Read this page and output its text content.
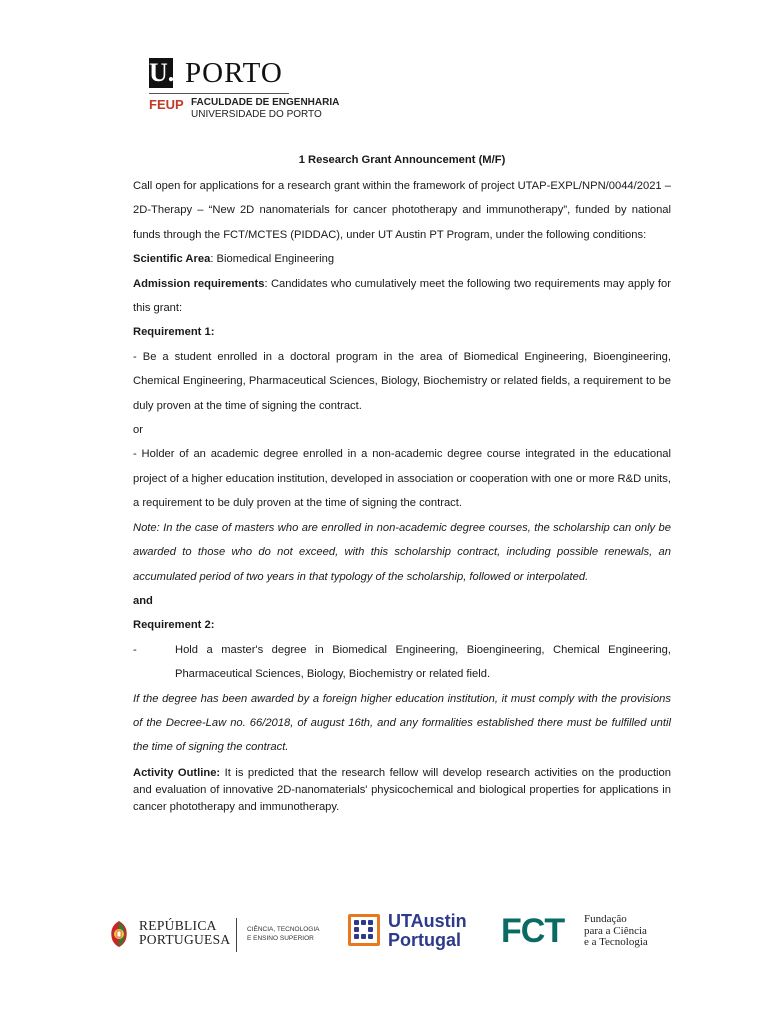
U. PORTO
FEUP FACULDADE DE ENGENHARIA
UNIVERSIDADE DO PORTO

1 Research Grant Announcement (M/F)

Call open for applications for a research grant within the framework of project UTAP-EXPL/NPN/0044/2021 –2D-Therapy – “New 2D nanomaterials for cancer phototherapy and immunotherapy”, funded by national funds through the FCT/MCTES (PIDDAC), under UT Austin PT Program, under the following conditions:

Scientific Area: Biomedical Engineering

Admission requirements: Candidates who cumulatively meet the following two requirements may apply for this grant:

Requirement 1:

- Be a student enrolled in a doctoral program in the area of Biomedical Engineering, Bioengineering, Chemical Engineering, Pharmaceutical Sciences, Biology, Biochemistry or related fields, a requirement to be duly proven at the time of signing the contract.

or

- Holder of an academic degree enrolled in a non-academic degree course integrated in the educational project of a higher education institution, developed in association or cooperation with one or more R&D units, a requirement to be duly proven at the time of signing the contract.

Note: In the case of masters who are enrolled in non-academic degree courses, the scholarship can only be awarded to those who do not exceed, with this scholarship contract, including possible renewals, an accumulated period of two years in that typology of the scholarship, followed or interpolated.

and

Requirement 2:

-	Hold a master's degree in Biomedical Engineering, Bioengineering, Chemical Engineering, Pharmaceutical Sciences, Biology, Biochemistry or related field.

If the degree has been awarded by a foreign higher education institution, it must comply with the provisions of the Decree-Law no. 66/2018, of august 16th, and any formalities established there must be fulfilled until the time of signing the contract.

Activity Outline: It is predicted that the research fellow will develop research activities on the production and evaluation of innovative 2D-nanomaterials' physicochemical and biological properties for applications in cancer phototherapy and immunotherapy.

REPÚBLICA
PORTUGUESA
CIÊNCIA, TECNOLOGIA
E ENSINO SUPERIOR
UTAustin
Portugal FCT Fundação
para a Ciência
e a Tecnologia
